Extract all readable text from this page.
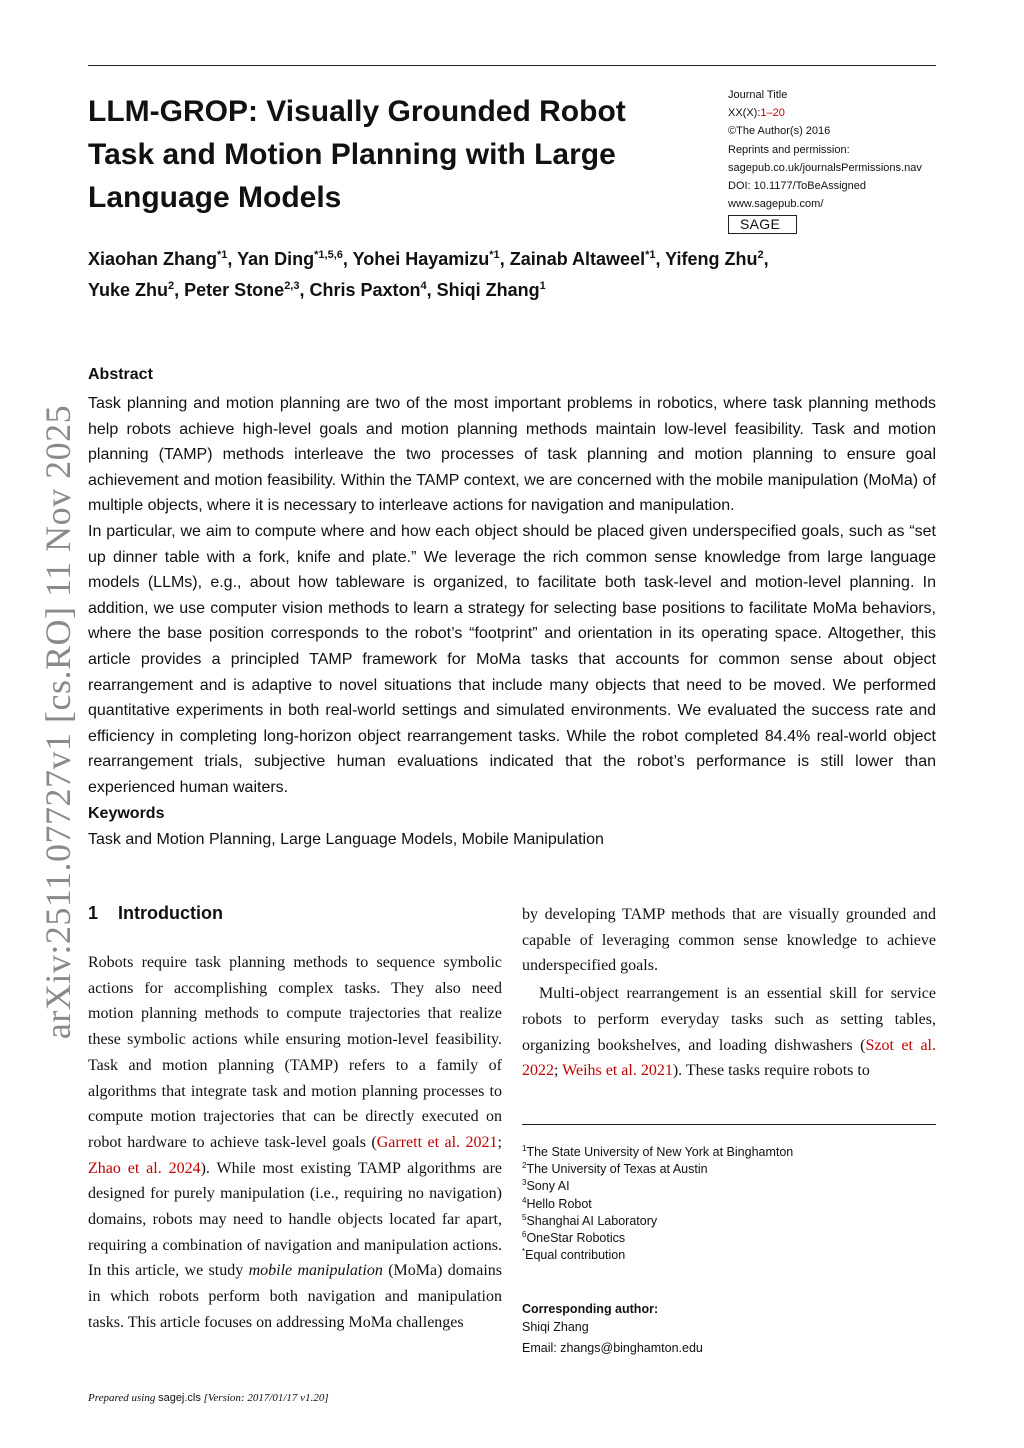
arXiv:2511.07727v1 [cs.RO] 11 Nov 2025
LLM-GROP: Visually Grounded Robot Task and Motion Planning with Large Language Models
Journal Title
XX(X):1–20
©The Author(s) 2016
Reprints and permission:
sagepub.co.uk/journalsPermissions.nav
DOI: 10.1177/ToBeAssigned
www.sagepub.com/
SAGE
Xiaohan Zhang$^{*1}$, Yan Ding$^{*1,5,6}$, Yohei Hayamizu$^{*1}$, Zainab Altaweel$^{*1}$, Yifeng Zhu$^2$,
Yuke Zhu$^2$, Peter Stone$^{2,3}$, Chris Paxton$^4$, Shiqi Zhang$^1$
Abstract

Task planning and motion planning are two of the most important problems in robotics, where task planning methods help robots achieve high-level goals and motion planning methods maintain low-level feasibility. Task and motion planning (TAMP) methods interleave the two processes of task planning and motion planning to ensure goal achievement and motion feasibility. Within the TAMP context, we are concerned with the mobile manipulation (MoMa) of multiple objects, where it is necessary to interleave actions for navigation and manipulation.

In particular, we aim to compute where and how each object should be placed given underspecified goals, such as “set up dinner table with a fork, knife and plate.” We leverage the rich common sense knowledge from large language models (LLMs), e.g., about how tableware is organized, to facilitate both task-level and motion-level planning. In addition, we use computer vision methods to learn a strategy for selecting base positions to facilitate MoMa behaviors, where the base position corresponds to the robot’s “footprint” and orientation in its operating space. Altogether, this article provides a principled TAMP framework for MoMa tasks that accounts for common sense about object rearrangement and is adaptive to novel situations that include many objects that need to be moved. We performed quantitative experiments in both real-world settings and simulated environments. We evaluated the success rate and efficiency in completing long-horizon object rearrangement tasks. While the robot completed 84.4% real-world object rearrangement trials, subjective human evaluations indicated that the robot’s performance is still lower than experienced human waiters.

Keywords
Task and Motion Planning, Large Language Models, Mobile Manipulation
1 Introduction

Robots require task planning methods to sequence symbolic actions for accomplishing complex tasks. They also need motion planning methods to compute trajectories that realize these symbolic actions while ensuring motion-level feasibility. Task and motion planning (TAMP) refers to a family of algorithms that integrate task and motion planning processes to compute motion trajectories that can be directly executed on robot hardware to achieve task-level goals (Garrett et al. 2021; Zhao et al. 2024). While most existing TAMP algorithms are designed for purely manipulation (i.e., requiring no navigation) domains, robots may need to handle objects located far apart, requiring a combination of navigation and manipulation actions. In this article, we study mobile manipulation (MoMa) domains in which robots perform both navigation and manipulation tasks. This article focuses on addressing MoMa challenges

by developing TAMP methods that are visually grounded and capable of leveraging common sense knowledge to achieve underspecified goals.

Multi-object rearrangement is an essential skill for service robots to perform everyday tasks such as setting tables, organizing bookshelves, and loading dishwashers (Szot et al. 2022; Weihs et al. 2021). These tasks require robots to

$^1$The State University of New York at Binghamton
$^2$The University of Texas at Austin
$^3$Sony AI
$^4$Hello Robot
$^5$Shanghai AI Laboratory
$^6$OneStar Robotics
*Equal contribution
Corresponding author:
Shiqi Zhang
Email: zhangs@binghamton.edu
Prepared using sagej.cls [Version: 2017/01/17 v1.20]
